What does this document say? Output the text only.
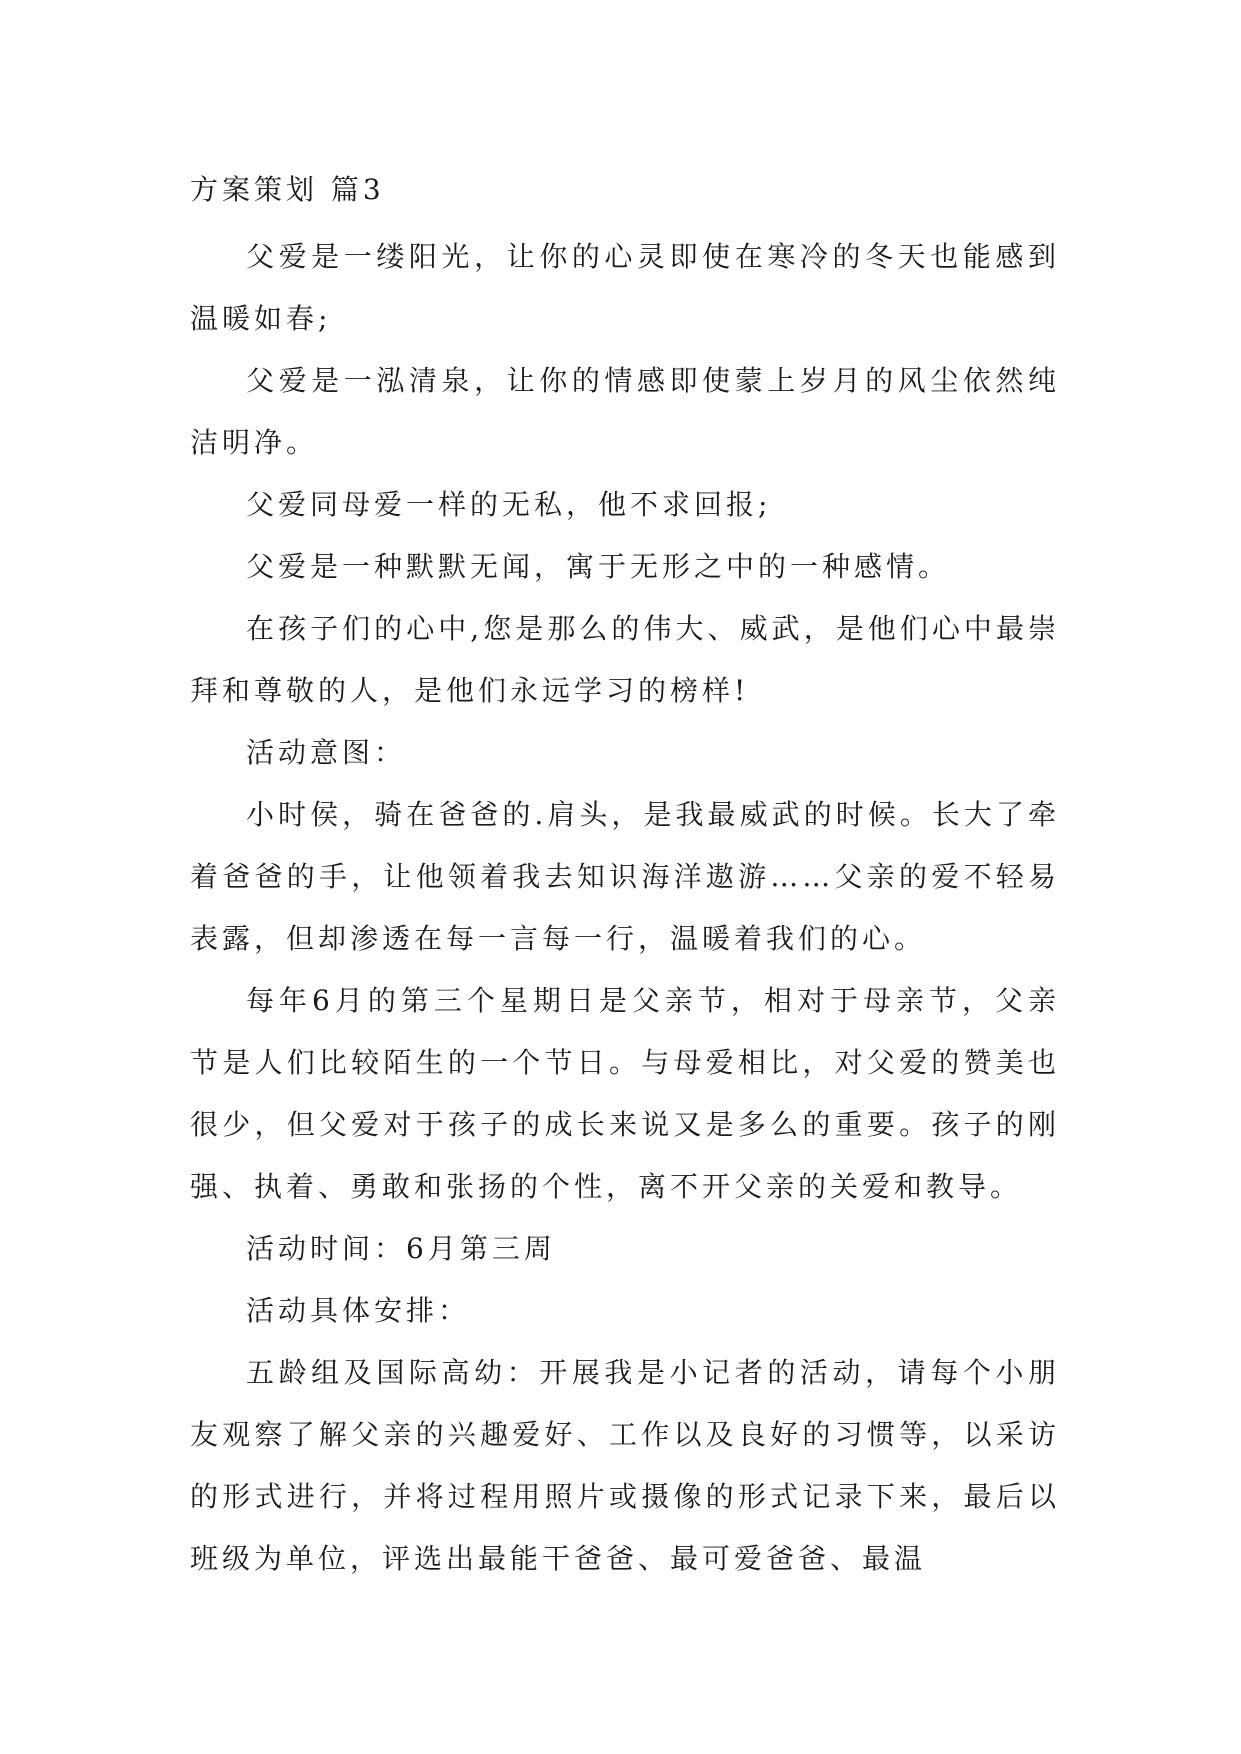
方案策划 篇3

父爱是一缕阳光，让你的心灵即使在寒冷的冬天也能感到温暖如春;

父爱是一泓清泉，让你的情感即使蒙上岁月的风尘依然纯洁明净。

父爱同母爱一样的无私，他不求回报;

父爱是一种默默无闻，寓于无形之中的一种感情。

在孩子们的心中,您是那么的伟大、威武，是他们心中最崇拜和尊敬的人，是他们永远学习的榜样!

活动意图：

小时侯，骑在爸爸的.肩头，是我最威武的时候。长大了牵着爸爸的手，让他领着我去知识海洋遨游……父亲的爱不轻易表露，但却渗透在每一言每一行，温暖着我们的心。

每年6月的第三个星期日是父亲节，相对于母亲节，父亲节是人们比较陌生的一个节日。与母爱相比，对父爱的赞美也很少，但父爱对于孩子的成长来说又是多么的重要。孩子的刚强、执着、勇敢和张扬的个性，离不开父亲的关爱和教导。

活动时间：6月第三周

活动具体安排：

五龄组及国际高幼：开展我是小记者的活动，请每个小朋友观察了解父亲的兴趣爱好、工作以及良好的习惯等，以采访的形式进行，并将过程用照片或摄像的形式记录下来，最后以班级为单位，评选出最能干爸爸、最可爱爸爸、最温
